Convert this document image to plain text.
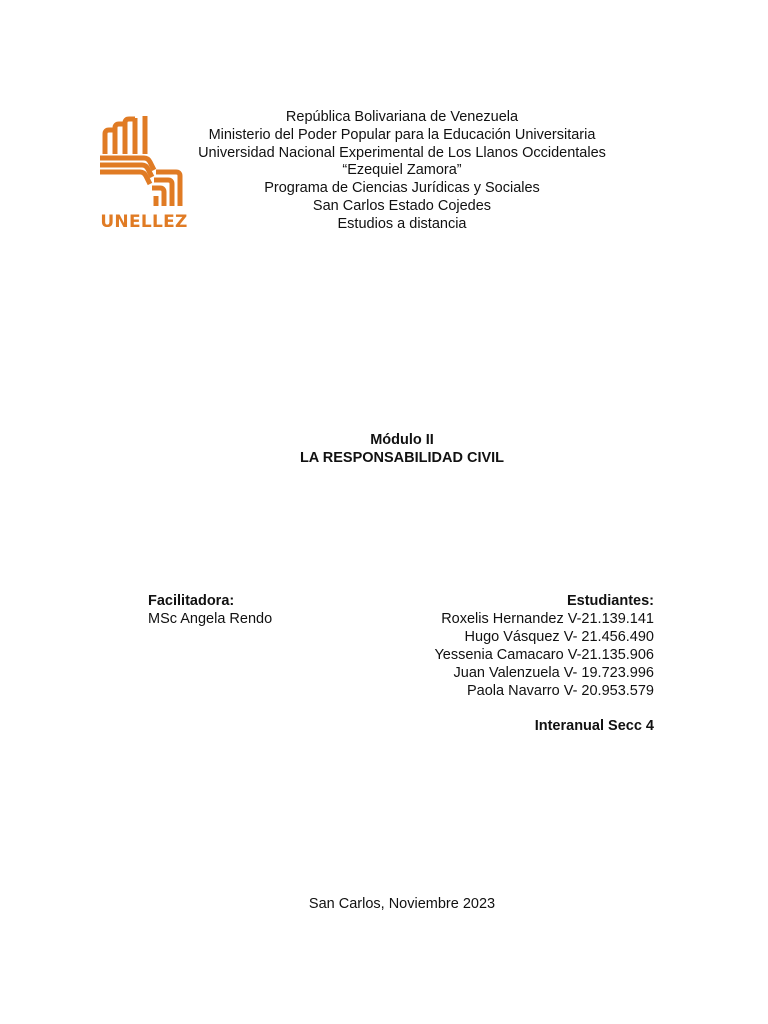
UNELLEZ
República Bolivariana de Venezuela
Ministerio del Poder Popular para la Educación Universitaria
Universidad Nacional Experimental de Los Llanos Occidentales
“Ezequiel Zamora”
Programa de Ciencias Jurídicas y Sociales
San Carlos Estado Cojedes
Estudios a distancia
Módulo II
LA RESPONSABILIDAD CIVIL
Facilitadora:
MSc Angela Rendo
Estudiantes:
Roxelis Hernandez V-21.139.141
Hugo Vásquez V- 21.456.490
Yessenia Camacaro V-21.135.906
Juan Valenzuela V- 19.723.996
Paola Navarro V- 20.953.579
Interanual Secc 4
San Carlos, Noviembre 2023
